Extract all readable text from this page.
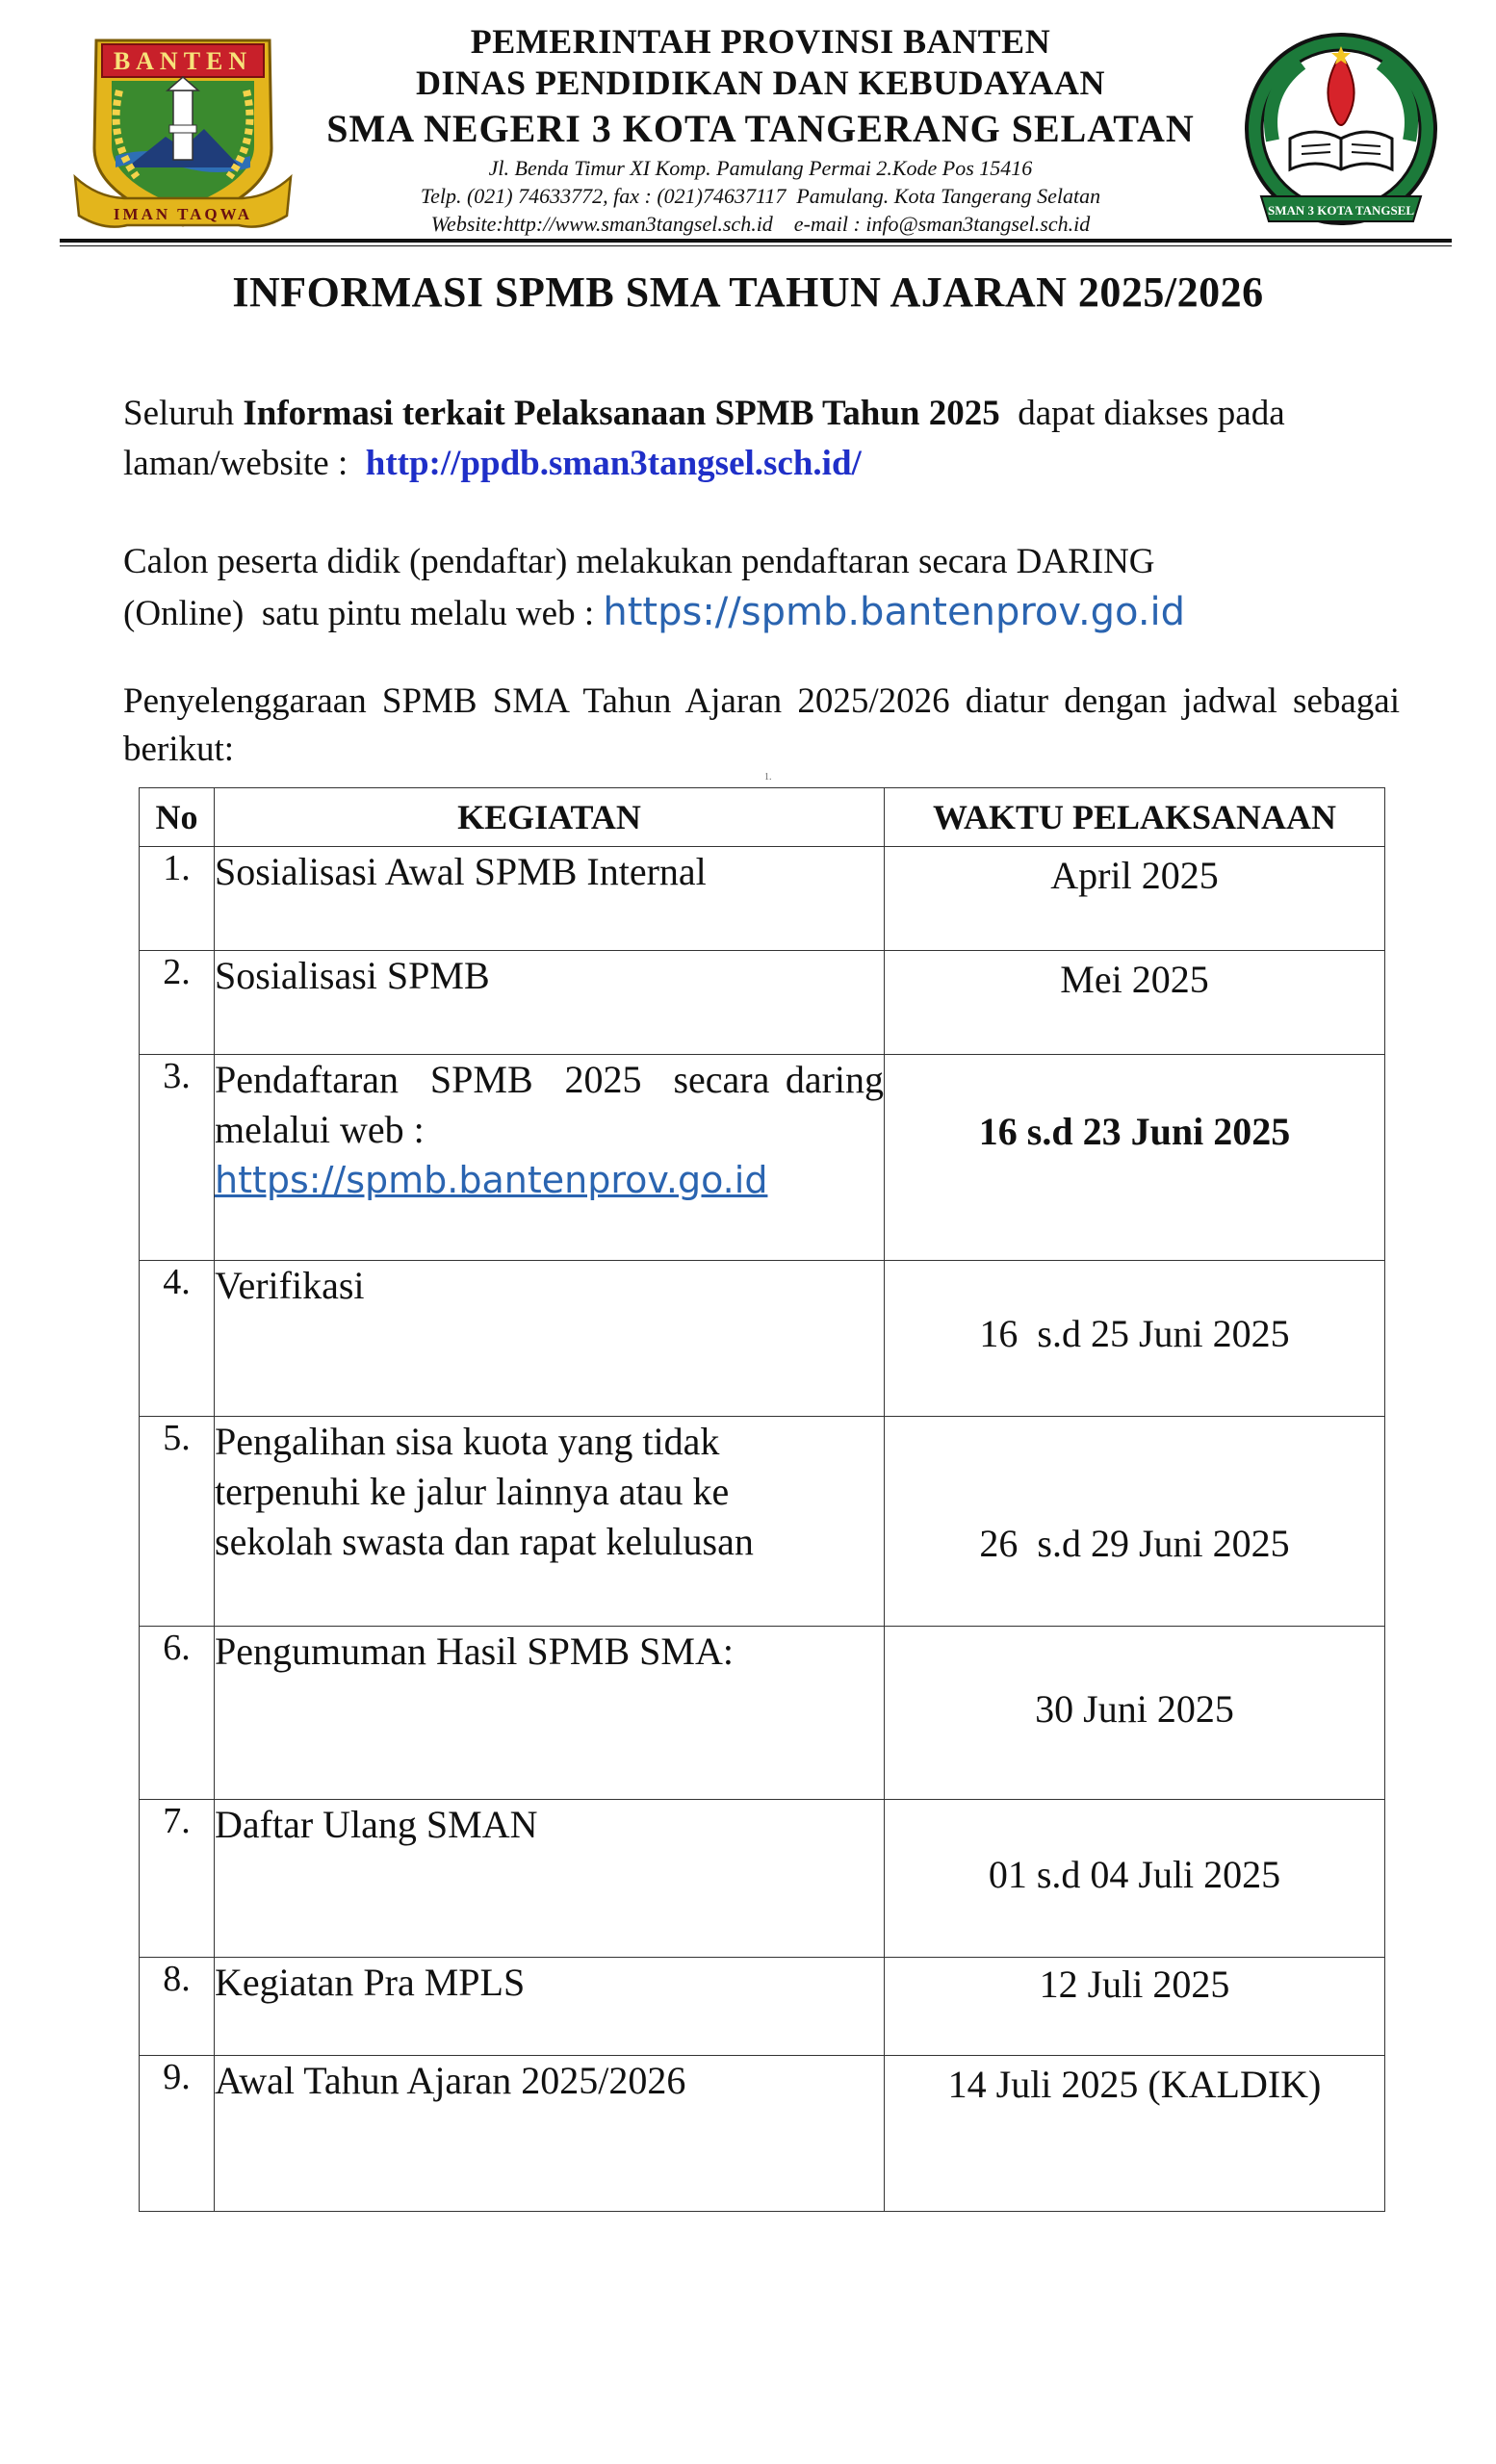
BANTEN
IMAN TAQWA
PEMERINTAH PROVINSI BANTEN
DINAS PENDIDIKAN DAN KEBUDAYAAN
SMA NEGERI 3 KOTA TANGERANG SELATAN
Jl. Benda Timur XI Komp. Pamulang Permai 2.Kode Pos 15416
Telp. (021) 74633772, fax : (021)74637117  Pamulang. Kota Tangerang Selatan
Website:http://www.sman3tangsel.sch.id    e-mail : info@sman3tangsel.sch.id
SMAN 3 KOTA TANGSEL
INFORMASI SPMB SMA TAHUN AJARAN 2025/2026
Seluruh Informasi terkait Pelaksanaan SPMB Tahun 2025  dapat diakses pada
laman/website :  http://ppdb.sman3tangsel.sch.id/
Calon peserta didik (pendaftar) melakukan pendaftaran secara DARING
(Online)  satu pintu melalu web : https://spmb.bantenprov.go.id
Penyelenggaraan SPMB SMA Tahun Ajaran 2025/2026 diatur dengan jadwal sebagai berikut:
1.
No	KEGIATAN	WAKTU PELAKSANAAN
1.	Sosialisasi Awal SPMB Internal	April 2025

2.	Sosialisasi SPMB	Mei 2025

3.	Pendaftaran  SPMB  2025  secara daring  melalui web :
https://spmb.bantenprov.go.id	16 s.d 23 Juni 2025

4.	Verifikasi	16  s.d 25 Juni 2025

5.	Pengalihan sisa kuota yang tidak
terpenuhi ke jalur lainnya atau ke
sekolah swasta dan rapat kelulusan	26  s.d 29 Juni 2025

6.	Pengumuman Hasil SPMB SMA:	30 Juni 2025

7.	Daftar Ulang SMAN	01 s.d 04 Juli 2025

8.	Kegiatan Pra MPLS	12 Juli 2025

9.	Awal Tahun Ajaran 2025/2026	14 Juli 2025 (KALDIK)
